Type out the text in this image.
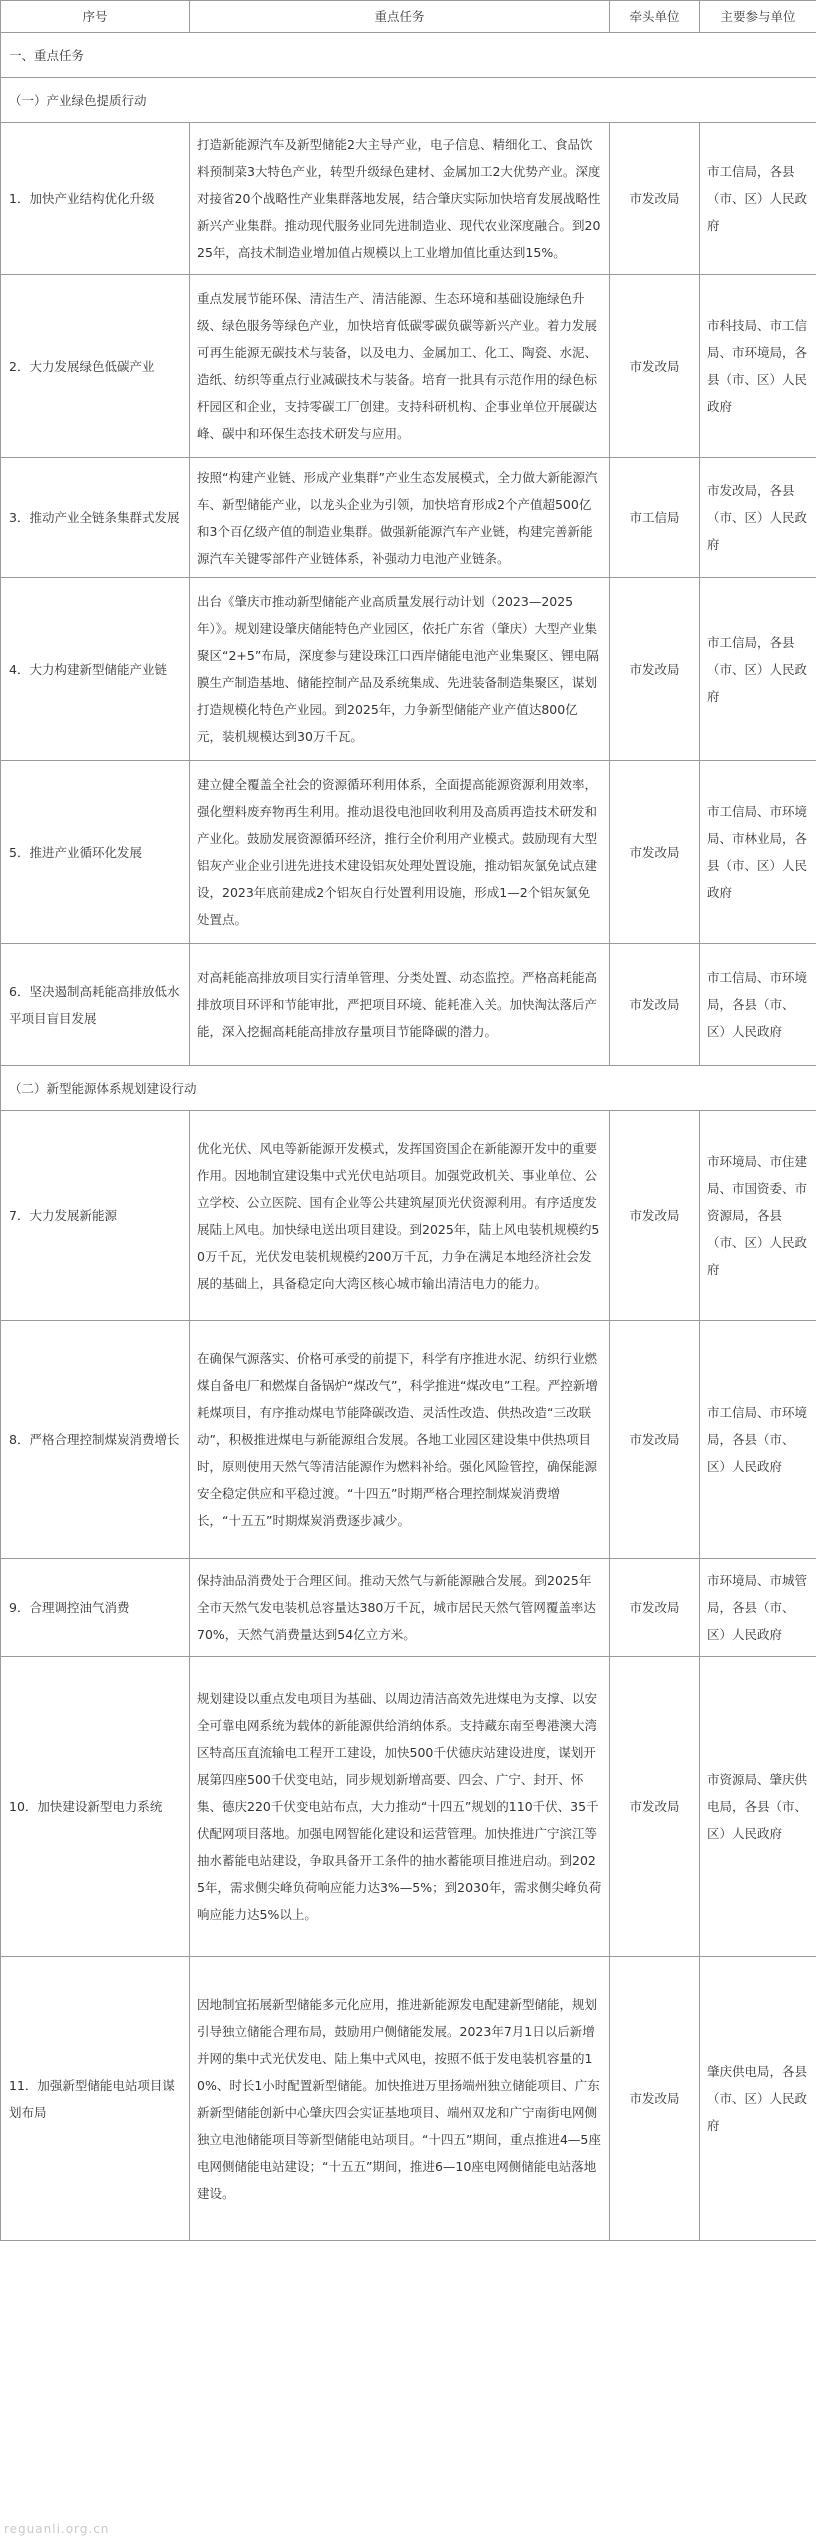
序号	重点任务	牵头单位	主要参与单位
一、重点任务			
（一）产业绿色提质行动			
1．加快产业结构优化升级	打造新能源汽车及新型储能2大主导产业，电子信息、精细化工、食品饮料预制菜3大特色产业，转型升级绿色建材、金属加工2大优势产业。深度对接省20个战略性产业集群落地发展，结合肇庆实际加快培育发展战略性新兴产业集群。推动现代服务业同先进制造业、现代农业深度融合。到2025年，高技术制造业增加值占规模以上工业增加值比重达到15%。	市发改局	市工信局，各县（市、区）人民政府
2．大力发展绿色低碳产业	重点发展节能环保、清洁生产、清洁能源、生态环境和基础设施绿色升级、绿色服务等绿色产业，加快培育低碳零碳负碳等新兴产业。着力发展可再生能源无碳技术与装备，以及电力、金属加工、化工、陶瓷、水泥、造纸、纺织等重点行业减碳技术与装备。培育一批具有示范作用的绿色标杆园区和企业，支持零碳工厂创建。支持科研机构、企事业单位开展碳达峰、碳中和环保生态技术研发与应用。	市发改局	市科技局、市工信局、市环境局，各县（市、区）人民政府
3．推动产业全链条集群式发展	按照“构建产业链、形成产业集群”产业生态发展模式，全力做大新能源汽车、新型储能产业，以龙头企业为引领，加快培育形成2个产值超500亿和3个百亿级产值的制造业集群。做强新能源汽车产业链，构建完善新能源汽车关键零部件产业链体系，补强动力电池产业链条。	市工信局	市发改局，各县（市、区）人民政府
4．大力构建新型储能产业链	出台《肇庆市推动新型储能产业高质量发展行动计划（2023—2025年）》。规划建设肇庆储能特色产业园区，依托广东省（肇庆）大型产业集聚区“2+5”布局，深度参与建设珠江口西岸储能电池产业集聚区、锂电隔膜生产制造基地、储能控制产品及系统集成、先进装备制造集聚区，谋划打造规模化特色产业园。到2025年，力争新型储能产业产值达800亿元，装机规模达到30万千瓦。	市发改局	市工信局，各县（市、区）人民政府
5．推进产业循环化发展	建立健全覆盖全社会的资源循环利用体系，全面提高能源资源利用效率，强化塑料废弃物再生利用。推动退役电池回收利用及高质再造技术研发和产业化。鼓励发展资源循环经济，推行全价利用产业模式。鼓励现有大型铝灰产业企业引进先进技术建设铝灰处理处置设施，推动铝灰氯免试点建设，2023年底前建成2个铝灰自行处置利用设施，形成1—2个铝灰氯免处置点。	市发改局	市工信局、市环境局、市林业局，各县（市、区）人民政府
6．坚决遏制高耗能高排放低水平项目盲目发展	对高耗能高排放项目实行清单管理、分类处置、动态监控。严格高耗能高排放项目环评和节能审批，严把项目环境、能耗准入关。加快淘汰落后产能，深入挖掘高耗能高排放存量项目节能降碳的潜力。	市发改局	市工信局、市环境局，各县（市、区）人民政府
（二）新型能源体系规划建设行动			
7．大力发展新能源	优化光伏、风电等新能源开发模式，发挥国资国企在新能源开发中的重要作用。因地制宜建设集中式光伏电站项目。加强党政机关、事业单位、公立学校、公立医院、国有企业等公共建筑屋顶光伏资源利用。有序适度发展陆上风电。加快绿电送出项目建设。到2025年，陆上风电装机规模约50万千瓦，光伏发电装机规模约200万千瓦，力争在满足本地经济社会发展的基础上，具备稳定向大湾区核心城市输出清洁电力的能力。	市发改局	市环境局、市住建局、市国资委、市资源局，各县（市、区）人民政府
8．严格合理控制煤炭消费增长	在确保气源落实、价格可承受的前提下，科学有序推进水泥、纺织行业燃煤自备电厂和燃煤自备锅炉“煤改气”，科学推进“煤改电”工程。严控新增耗煤项目，有序推动煤电节能降碳改造、灵活性改造、供热改造“三改联动”，积极推进煤电与新能源组合发展。各地工业园区建设集中供热项目时，原则使用天然气等清洁能源作为燃料补给。强化风险管控，确保能源安全稳定供应和平稳过渡。“十四五”时期严格合理控制煤炭消费增长，“十五五”时期煤炭消费逐步减少。	市发改局	市工信局、市环境局，各县（市、区）人民政府
9．合理调控油气消费	保持油品消费处于合理区间。推动天然气与新能源融合发展。到2025年全市天然气发电装机总容量达380万千瓦，城市居民天然气管网覆盖率达70%，天然气消费量达到54亿立方米。	市发改局	市环境局、市城管局，各县（市、区）人民政府
10．加快建设新型电力系统	规划建设以重点发电项目为基础、以周边清洁高效先进煤电为支撑、以安全可靠电网系统为载体的新能源供给消纳体系。支持藏东南至粤港澳大湾区特高压直流输电工程开工建设，加快500千伏德庆站建设进度，谋划开展第四座500千伏变电站，同步规划新增高要、四会、广宁、封开、怀集、德庆220千伏变电站布点，大力推动“十四五”规划的110千伏、35千伏配网项目落地。加强电网智能化建设和运营管理。加快推进广宁滨江等抽水蓄能电站建设，争取具备开工条件的抽水蓄能项目推进启动。到2025年，需求侧尖峰负荷响应能力达3%—5%；到2030年，需求侧尖峰负荷响应能力达5%以上。	市发改局	市资源局、肇庆供电局，各县（市、区）人民政府
11．加强新型储能电站项目谋划布局	因地制宜拓展新型储能多元化应用，推进新能源发电配建新型储能，规划引导独立储能合理布局，鼓励用户侧储能发展。2023年7月1日以后新增并网的集中式光伏发电、陆上集中式风电，按照不低于发电装机容量的10%、时长1小时配置新型储能。加快推进万里扬端州独立储能项目、广东新新型储能创新中心肇庆四会实证基地项目、端州双龙和广宁南街电网侧独立电池储能项目等新型储能电站项目。“十四五”期间，重点推进4—5座电网侧储能电站建设；“十五五”期间，推进6—10座电网侧储能电站落地建设。	市发改局	肇庆供电局，各县（市、区）人民政府
reguanli.org.cn
